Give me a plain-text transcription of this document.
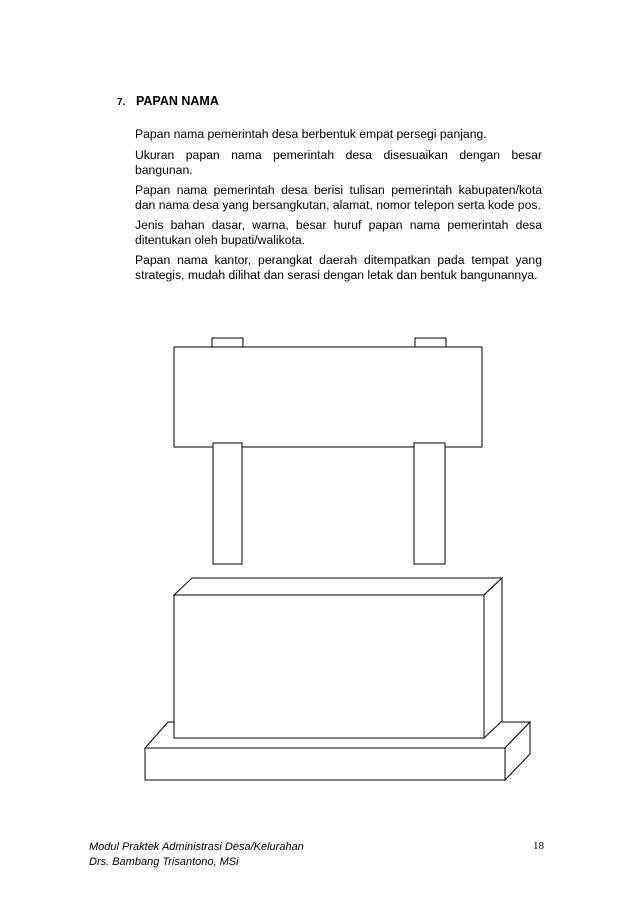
7. PAPAN NAMA

Papan nama pemerintah desa berbentuk empat persegi panjang.

Ukuran papan nama pemerintah desa disesuaikan dengan besar bangunan.

Papan nama pemerintah desa berisi tulisan pemerintah kabupaten/kota dan nama desa yang bersangkutan, alamat, nomor telepon serta kode pos.

Jenis bahan dasar, warna, besar huruf papan nama pemerintah desa ditentukan oleh bupati/walikota.

Papan nama kantor, perangkat daerah ditempatkan pada tempat yang strategis, mudah dilihat dan serasi dengan letak dan bentuk bangunannya.

Modul Praktek Administrasi Desa/Kelurahan
Drs. Bambang Trisantono, MSi
18
